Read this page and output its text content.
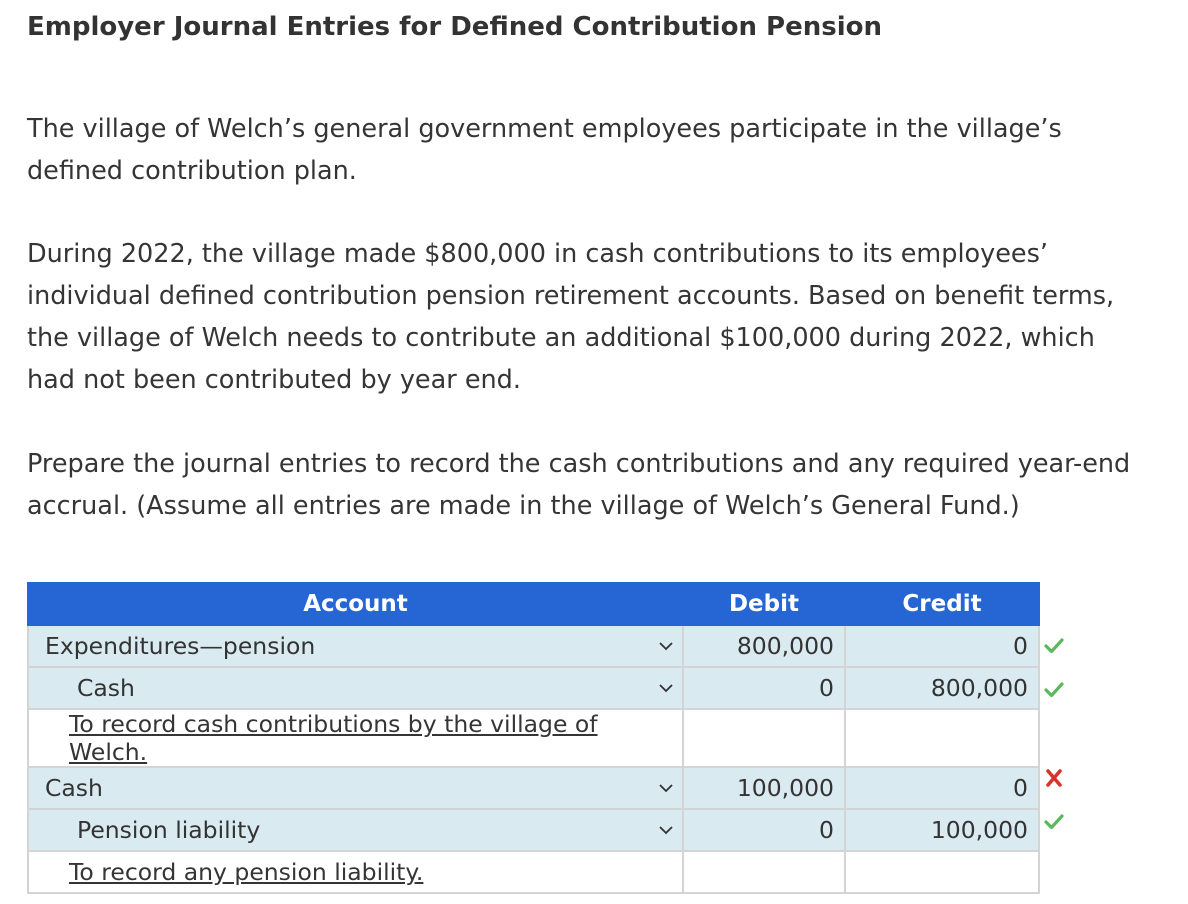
Employer Journal Entries for Defined Contribution Pension

The village of Welch’s general government employees participate in the village’s defined contribution plan.

During 2022, the village made $800,000 in cash contributions to its employees’ individual defined contribution pension retirement accounts. Based on benefit terms, the village of Welch needs to contribute an additional $100,000 during 2022, which had not been contributed by year end.

Prepare the journal entries to record the cash contributions and any required year-end accrual. (Assume all entries are made in the village of Welch’s General Fund.)

Account	Debit	Credit

Expenditures—pension	800,000	0

Cash	0	800,000
To record cash contributions by the village of Welch.		

Cash	100,000	0

Pension liability	0	100,000
To record any pension liability.		
